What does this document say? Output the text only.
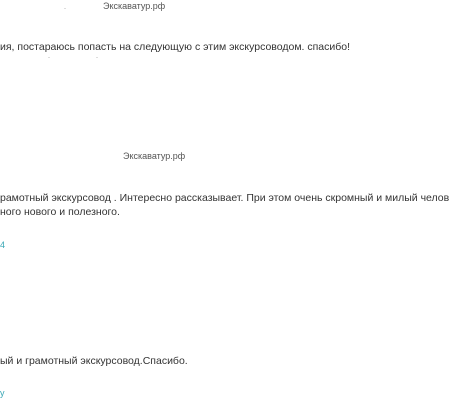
Экскаватур.рф
ия, постараюсь попасть на следующую с этим экскурсоводом. спасибо!
Экскаватур.рф
рамотный экскурсовод . Интересно рассказывает. При этом очень скромный и милый челов
ного нового и полезного.
4
ый и грамотный экскурсовод.Спасибо.
y
